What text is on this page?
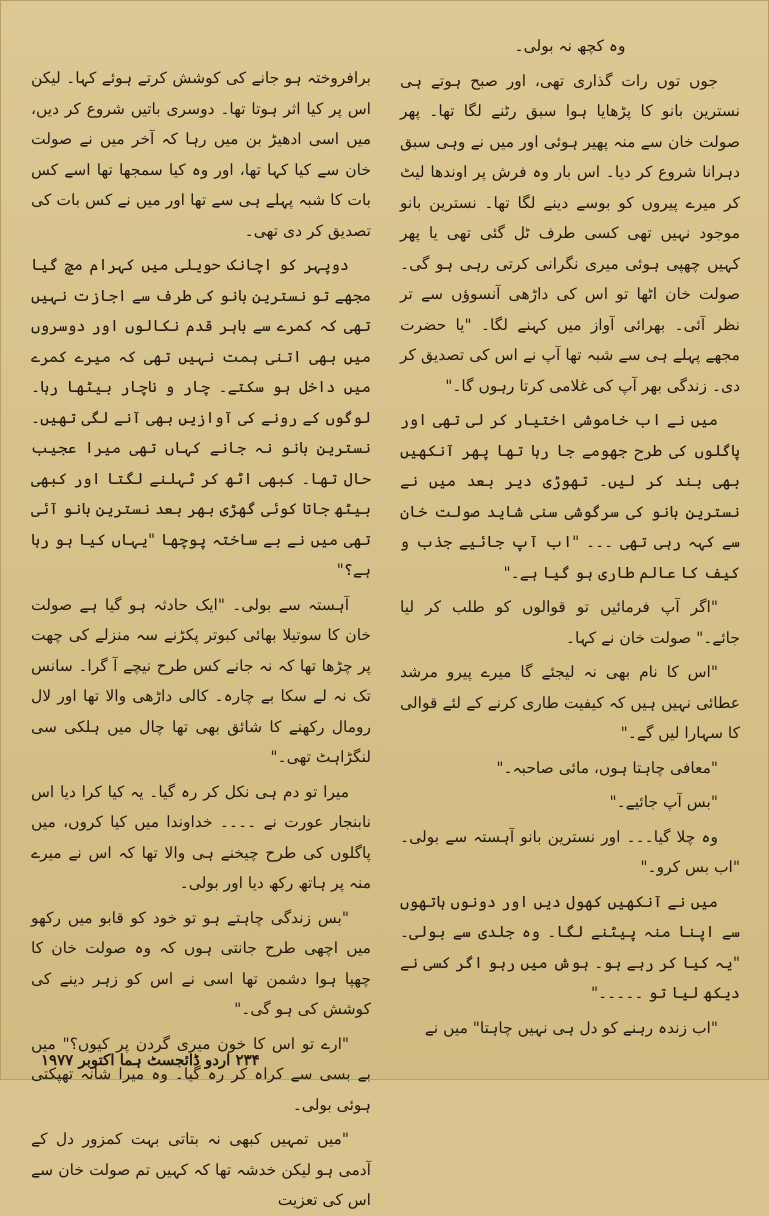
وہ کچھ نہ بولی۔

جوں توں رات گذاری تھی، اور صبح ہوتے ہی نسترین بانو کا پڑھایا ہوا سبق رٹنے لگا تھا۔ پھر صولت خان سے منہ پھیر ہوئی اور میں نے وہی سبق دہرانا شروع کر دیا۔ اس بار وہ فرش پر اوندھا لیٹ کر میرے پیروں کو بوسے دینے لگا تھا۔ نسترین بانو موجود نہیں تھی کسی طرف ٹل گئی تھی یا پھر کہیں چھپی ہوئی میری نگرانی کرتی رہی ہو گی۔ صولت خان اٹھا تو اس کی داڑھی آنسوؤں سے تر نظر آئی۔ بھرائی آواز میں کہنے لگا۔ "یا حضرت مجھے پہلے ہی سے شبہ تھا آپ نے اس کی تصدیق کر دی۔ زندگی بھر آپ کی غلامی کرتا رہوں گا۔"

میں نے اب خاموشی اختیار کر لی تھی اور پاگلوں کی طرح جھومے جا رہا تھا پھر آنکھیں بھی بند کر لیں۔ تھوڑی دیر بعد میں نے نسترین بانو کی سرگوشی سنی شاید صولت خان سے کہہ رہی تھی ۔۔۔ "اب آپ جائیے جذب و کیف کا عالم طاری ہو گیا ہے۔"

"اگر آپ فرمائیں تو قوالوں کو طلب کر لیا جائے۔" صولت خان نے کہا۔

"اس کا نام بھی نہ لیجئے گا میرے پیرو مرشد عطائی نہیں ہیں کہ کیفیت طاری کرنے کے لئے قوالی کا سہارا لیں گے۔"

"معافی چاہتا ہوں، مائی صاحبہ۔"

"بس آپ جائیے۔"

وہ چلا گیا۔۔۔ اور نسترین بانو آہستہ سے بولی۔ "اب بس کرو۔"

میں نے آنکھیں کھول دیں اور دونوں ہاتھوں سے اپنا منہ پیٹنے لگا۔ وہ جلدی سے بولی۔ "یہ کیا کر رہے ہو۔ ہوش میں رہو اگر کسی نے دیکھ لیا تو ۔۔۔۔۔"

"اب زندہ رہنے کو دل ہی نہیں چاہتا" میں نے

برافروختہ ہو جانے کی کوشش کرتے ہوئے کہا۔ لیکن اس پر کیا اثر ہوتا تھا۔ دوسری باتیں شروع کر دیں، میں اسی ادھیڑ بن میں رہا کہ آخر میں نے صولت خان سے کیا کہا تھا، اور وہ کیا سمجھا تھا اسے کس بات کا شبہ پہلے ہی سے تھا اور میں نے کس بات کی تصدیق کر دی تھی۔

دوپہر کو اچانک حویلی میں کہرام مچ گیا مجھے تو نسترین بانو کی طرف سے اجازت نہیں تھی کہ کمرے سے باہر قدم نکالوں اور دوسروں میں بھی اتنی ہمت نہیں تھی کہ میرے کمرے میں داخل ہو سکتے۔ چار و ناچار بیٹھا رہا۔ لوگوں کے رونے کی آوازیں بھی آنے لگی تھیں۔ نسترین بانو نہ جانے کہاں تھی میرا عجیب حال تھا۔ کبھی اٹھ کر ٹہلنے لگتا اور کبھی بیٹھ جاتا کوئی گھڑی بھر بعد نسترین بانو آئی تھی میں نے بے ساختہ پوچھا "یہاں کیا ہو رہا ہے؟"

آہستہ سے بولی۔ "ایک حادثہ ہو گیا ہے صولت خان کا سوتیلا بھائی کبوتر پکڑنے سہ منزلے کی چھت پر چڑھا تھا کہ نہ جانے کس طرح نیچے آ گرا۔ سانس تک نہ لے سکا بے چارہ۔ کالی داڑھی والا تھا اور لال رومال رکھنے کا شائق بھی تھا چال میں ہلکی سی لنگڑاہٹ تھی۔"

میرا تو دم ہی نکل کر رہ گیا۔ یہ کیا کرا دیا اس نابنجار عورت نے ۔۔۔۔ خداوندا میں کیا کروں، میں پاگلوں کی طرح چیخنے ہی والا تھا کہ اس نے میرے منہ پر ہاتھ رکھ دیا اور بولی۔

"بس زندگی چاہتے ہو تو خود کو قابو میں رکھو میں اچھی طرح جانتی ہوں کہ وہ صولت خان کا چھپا ہوا دشمن تھا اسی نے اس کو زہر دینے کی کوشش کی ہو گی۔"

"ارے تو اس کا خون میری گردن پر کیوں؟" میں بے بسی سے کراہ کر رہ گیا۔ وہ میرا شانہ تھپکتی ہوئی بولی۔

"میں تمہیں کبھی نہ بتاتی بہت کمزور دل کے آدمی ہو لیکن خدشہ تھا کہ کہیں تم صولت خان سے اس کی تعزیت

۲۳۴ اردو ڈائجسٹ ہما اکتوبر ۱۹۷۷
